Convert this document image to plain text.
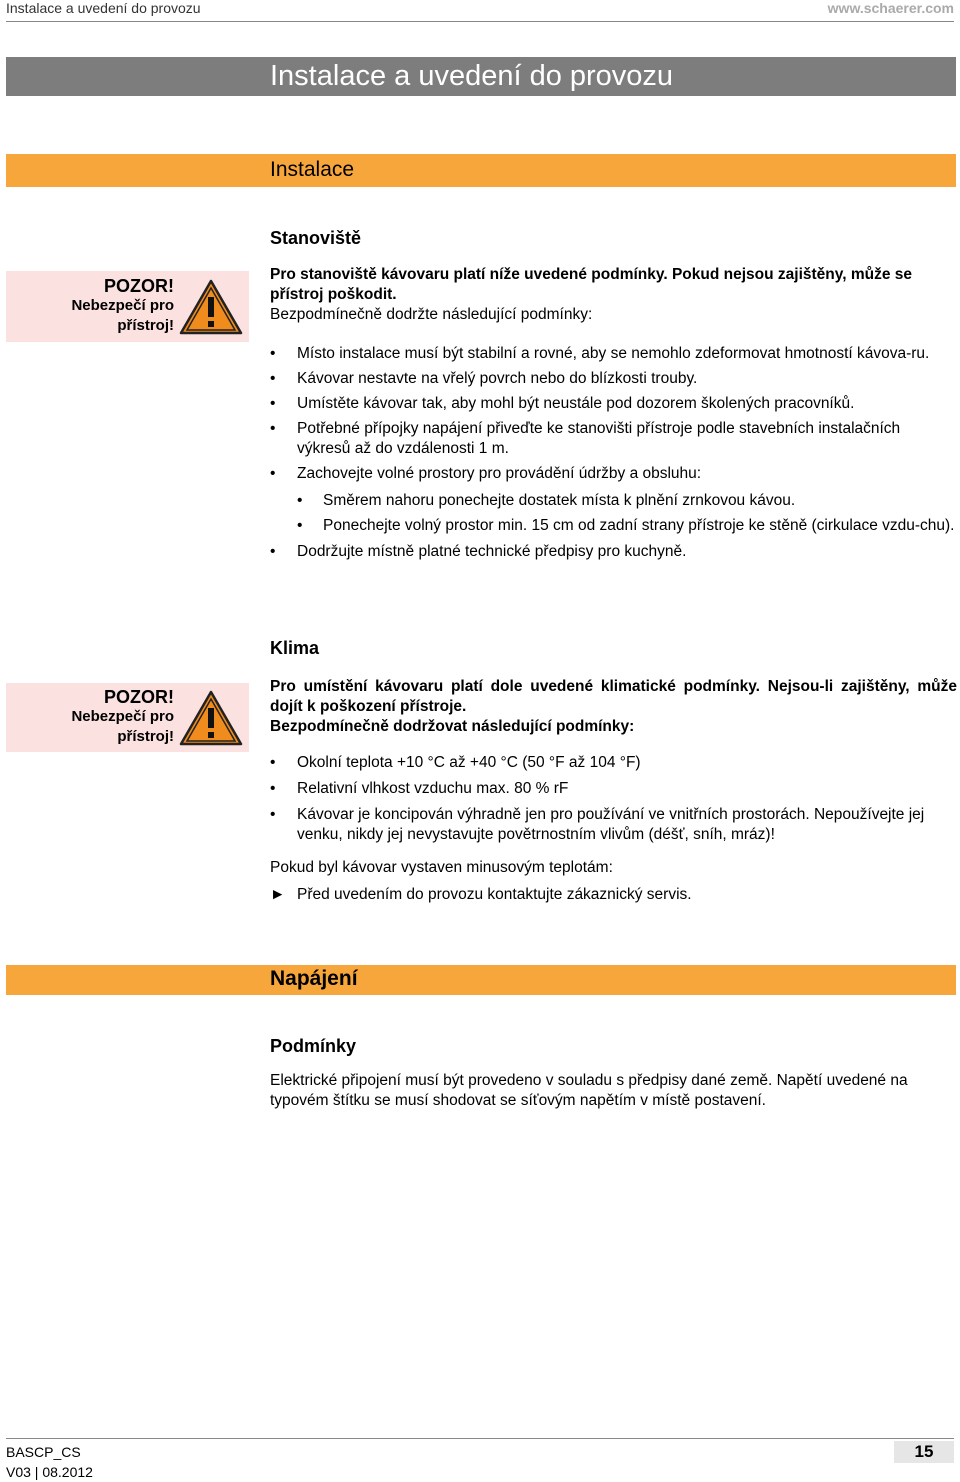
Instalace a uvedení do provozu	www.schaerer.com
Instalace a uvedení do provozu
Instalace
Stanoviště
POZOR!
Nebezpečí pro
přístroj!
Pro stanoviště kávovaru platí níže uvedené podmínky. Pokud nejsou zajištěny, může se přístroj poškodit.
Bezpodmínečně dodržte následující podmínky:
• Místo instalace musí být stabilní a rovné, aby se nemohlo zdeformovat hmotností kávova-ru.
• Kávovar nestavte na vřelý povrch nebo do blízkosti trouby.
• Umístěte kávovar tak, aby mohl být neustále pod dozorem školených pracovníků.
• Potřebné přípojky napájení přiveďte ke stanovišti přístroje podle stavebních instalačních výkresů až do vzdálenosti 1 m.
• Zachovejte volné prostory pro provádění údržby a obsluhu:
• Směrem nahoru ponechejte dostatek místa k plnění zrnkovou kávou.
• Ponechejte volný prostor min. 15 cm od zadní strany přístroje ke stěně (cirkulace vzdu-chu).
• Dodržujte místně platné technické předpisy pro kuchyně.
Klima
POZOR!
Nebezpečí pro
přístroj!
Pro umístění kávovaru platí dole uvedené klimatické podmínky. Nejsou-li zajištěny, může dojít k poškození přístroje.
Bezpodmínečně dodržovat následující podmínky:
• Okolní teplota +10 °C až +40 °C (50 °F až 104 °F)
• Relativní vlhkost vzduchu max. 80 % rF
• Kávovar je koncipován výhradně jen pro používání ve vnitřních prostorách. Nepoužívejte jej venku, nikdy jej nevystavujte povětrnostním vlivům (déšť, sníh, mráz)!
Pokud byl kávovar vystaven minusovým teplotám:
► Před uvedením do provozu kontaktujte zákaznický servis.
Napájení
Podmínky
Elektrické připojení musí být provedeno v souladu s předpisy dané země. Napětí uvedené na typovém štítku se musí shodovat se síťovým napětím v místě postavení.
BASCP_CS
V03 | 08.2012
15
